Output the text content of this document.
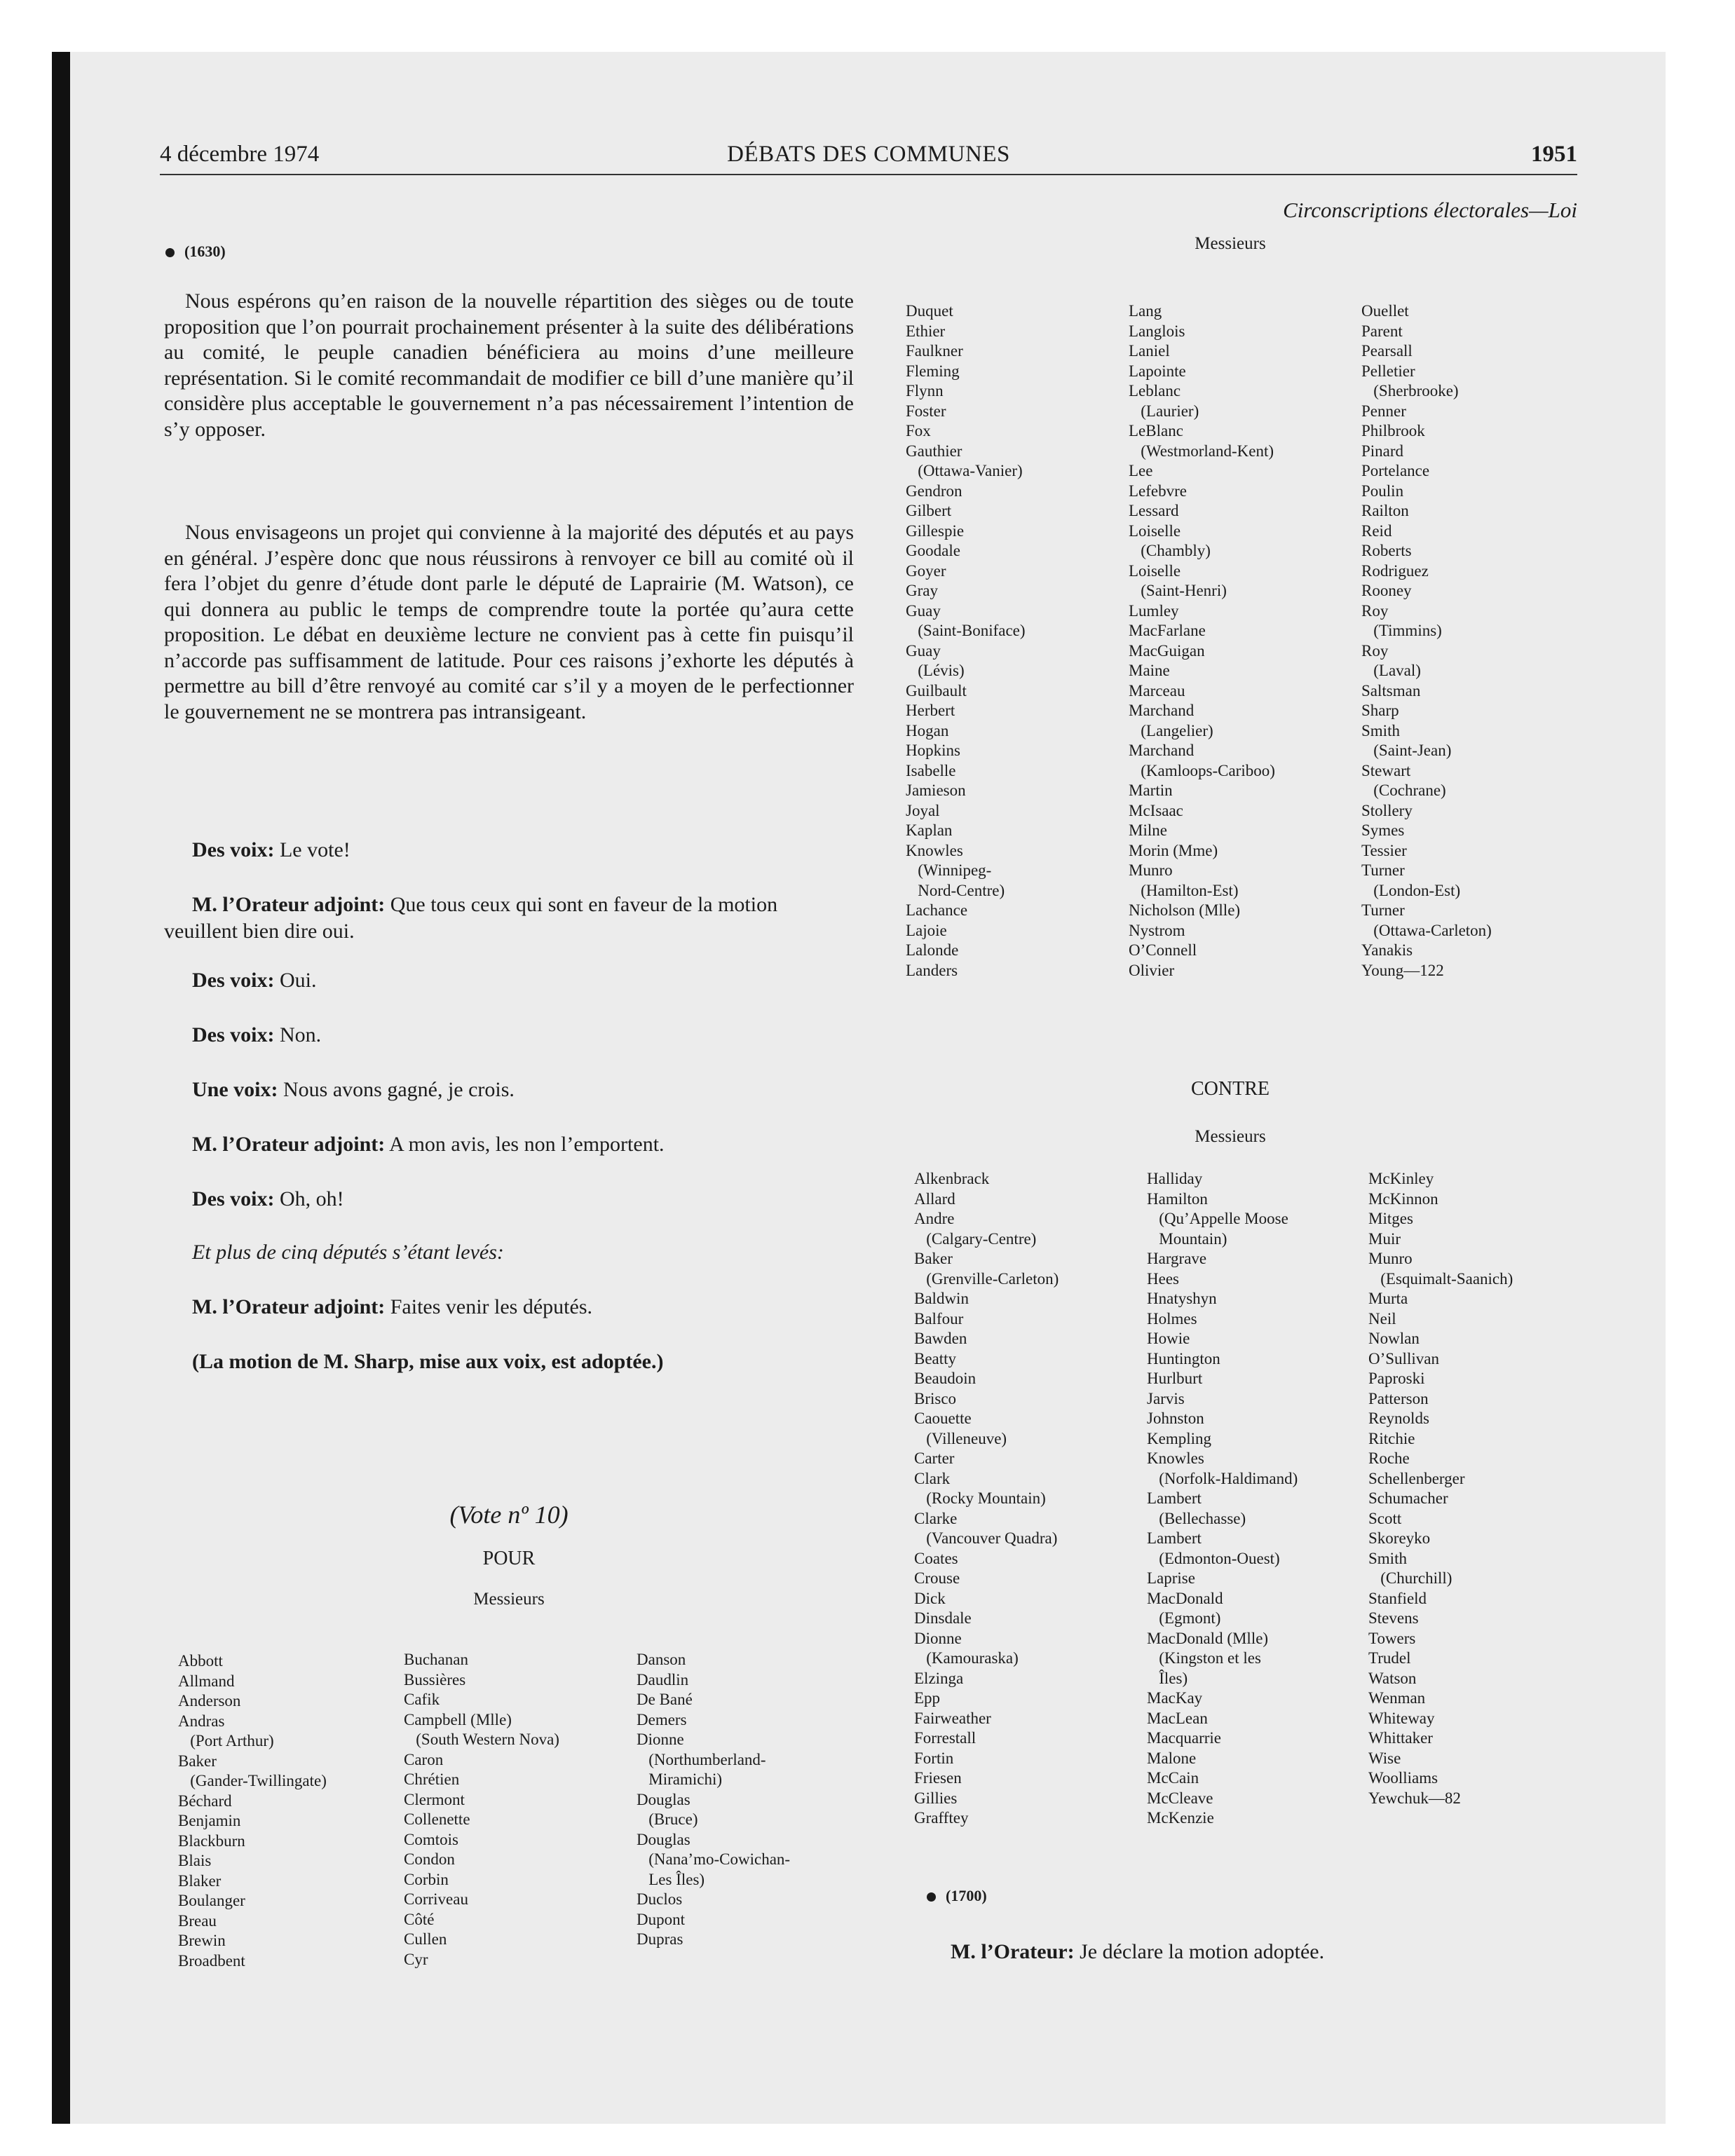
4 décembre 1974	DÉBATS DES COMMUNES	1951
(1630)
Nous espérons qu’en raison de la nouvelle répartition des sièges ou de toute proposition que l’on pourrait prochainement présenter à la suite des délibérations au comité, le peuple canadien bénéficiera au moins d’une meilleure représentation. Si le comité recommandait de modifier ce bill d’une manière qu’il considère plus acceptable le gouvernement n’a pas nécessairement l’intention de s’y opposer.
Nous envisageons un projet qui convienne à la majorité des députés et au pays en général. J’espère donc que nous réussirons à renvoyer ce bill au comité où il fera l’objet du genre d’étude dont parle le député de Laprairie (M. Watson), ce qui donnera au public le temps de comprendre toute la portée qu’aura cette proposition. Le débat en deuxième lecture ne convient pas à cette fin puisqu’il n’accorde pas suffisamment de latitude. Pour ces raisons j’exhorte les députés à permettre au bill d’être renvoyé au comité car s’il y a moyen de le perfectionner le gouvernement ne se montrera pas intransigeant.
Des voix: Le vote!
M. l’Orateur adjoint: Que tous ceux qui sont en faveur de la motion veuillent bien dire oui.
Des voix: Oui.
Des voix: Non.
Une voix: Nous avons gagné, je crois.
M. l’Orateur adjoint: A mon avis, les non l’emportent.
Des voix: Oh, oh!
Et plus de cinq députés s’étant levés:
M. l’Orateur adjoint: Faites venir les députés.
(La motion de M. Sharp, mise aux voix, est adoptée.)
(Vote nº 10)
POUR
Messieurs
Abbott
Allmand
Anderson
Andras
(Port Arthur)
Baker
(Gander-Twillingate)
Béchard
Benjamin
Blackburn
Blais
Blaker
Boulanger
Breau
Brewin
Broadbent
Buchanan
Bussières
Cafik
Campbell (Mlle)
(South Western Nova)
Caron
Chrétien
Clermont
Collenette
Comtois
Condon
Corbin
Corriveau
Côté
Cullen
Cyr
Danson
Daudlin
De Bané
Demers
Dionne
(Northumberland-
Miramichi)
Douglas
(Bruce)
Douglas
(Nana’mo-Cowichan-
Les Îles)
Duclos
Dupont
Dupras
Circonscriptions électorales—Loi
Messieurs
Duquet
Ethier
Faulkner
Fleming
Flynn
Foster
Fox
Gauthier
(Ottawa-Vanier)
Gendron
Gilbert
Gillespie
Goodale
Goyer
Gray
Guay
(Saint-Boniface)
Guay
(Lévis)
Guilbault
Herbert
Hogan
Hopkins
Isabelle
Jamieson
Joyal
Kaplan
Knowles
(Winnipeg-
Nord-Centre)
Lachance
Lajoie
Lalonde
Landers
Lang
Langlois
Laniel
Lapointe
Leblanc
(Laurier)
LeBlanc
(Westmorland-Kent)
Lee
Lefebvre
Lessard
Loiselle
(Chambly)
Loiselle
(Saint-Henri)
Lumley
MacFarlane
MacGuigan
Maine
Marceau
Marchand
(Langelier)
Marchand
(Kamloops-Cariboo)
Martin
McIsaac
Milne
Morin (Mme)
Munro
(Hamilton-Est)
Nicholson (Mlle)
Nystrom
O’Connell
Olivier
Ouellet
Parent
Pearsall
Pelletier
(Sherbrooke)
Penner
Philbrook
Pinard
Portelance
Poulin
Railton
Reid
Roberts
Rodriguez
Rooney
Roy
(Timmins)
Roy
(Laval)
Saltsman
Sharp
Smith
(Saint-Jean)
Stewart
(Cochrane)
Stollery
Symes
Tessier
Turner
(London-Est)
Turner
(Ottawa-Carleton)
Yanakis
Young—122
CONTRE
Messieurs
Alkenbrack
Allard
Andre
(Calgary-Centre)
Baker
(Grenville-Carleton)
Baldwin
Balfour
Bawden
Beatty
Beaudoin
Brisco
Caouette
(Villeneuve)
Carter
Clark
(Rocky Mountain)
Clarke
(Vancouver Quadra)
Coates
Crouse
Dick
Dinsdale
Dionne
(Kamouraska)
Elzinga
Epp
Fairweather
Forrestall
Fortin
Friesen
Gillies
Grafftey
Halliday
Hamilton
(Qu’Appelle Moose
Mountain)
Hargrave
Hees
Hnatyshyn
Holmes
Howie
Huntington
Hurlburt
Jarvis
Johnston
Kempling
Knowles
(Norfolk-Haldimand)
Lambert
(Bellechasse)
Lambert
(Edmonton-Ouest)
Laprise
MacDonald
(Egmont)
MacDonald (Mlle)
(Kingston et les
Îles)
MacKay
MacLean
Macquarrie
Malone
McCain
McCleave
McKenzie
McKinley
McKinnon
Mitges
Muir
Munro
(Esquimalt-Saanich)
Murta
Neil
Nowlan
O’Sullivan
Paproski
Patterson
Reynolds
Ritchie
Roche
Schellenberger
Schumacher
Scott
Skoreyko
Smith
(Churchill)
Stanfield
Stevens
Towers
Trudel
Watson
Wenman
Whiteway
Whittaker
Wise
Woolliams
Yewchuk—82
(1700)
M. l’Orateur: Je déclare la motion adoptée.
